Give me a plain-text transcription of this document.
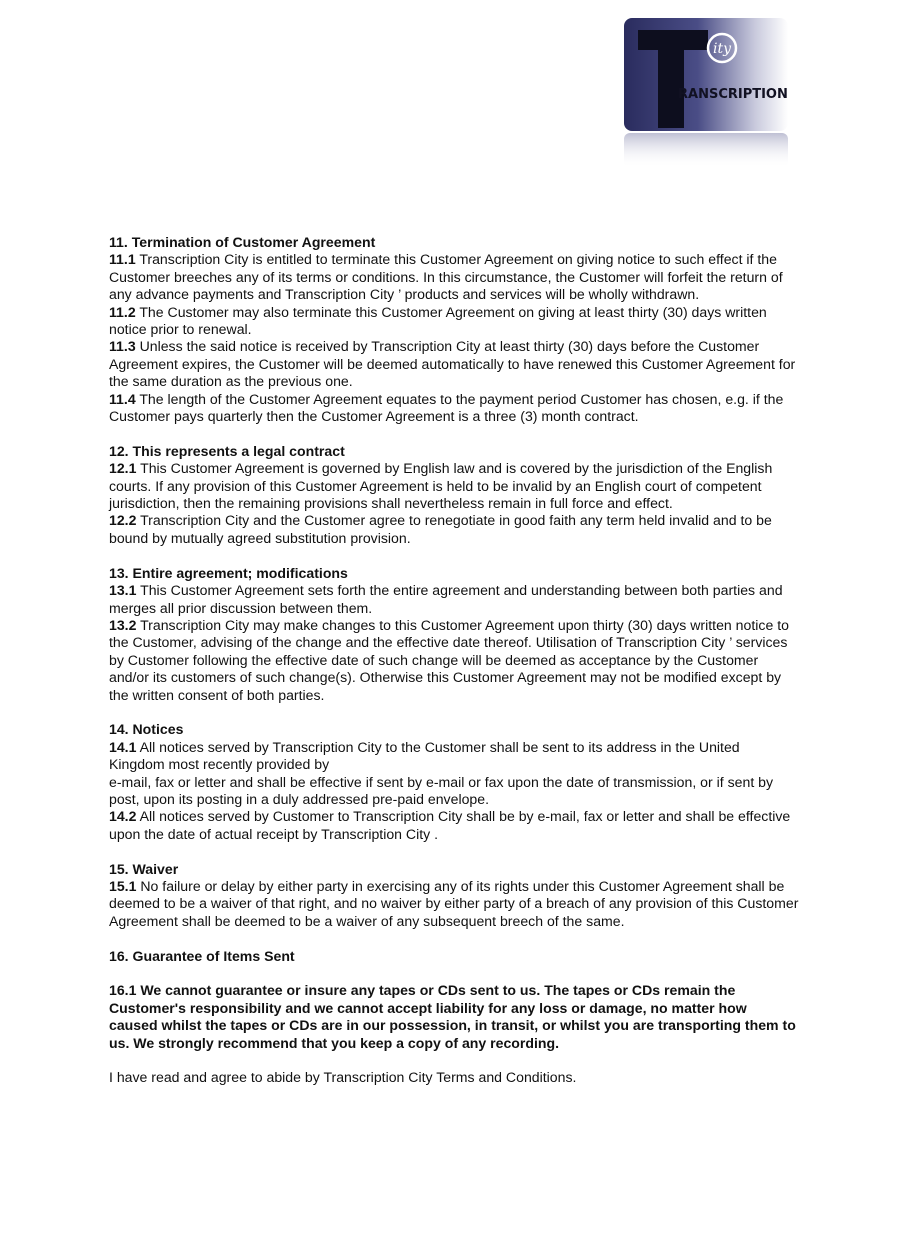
ity
RANSCRIPTION
11. Termination of Customer Agreement
11.1 Transcription City is entitled to terminate this Customer Agreement on giving notice to such effect if the Customer breeches any of its terms or conditions. In this circumstance, the Customer will forfeit the return of any advance payments and Transcription City ’ products and services will be wholly withdrawn.
11.2 The Customer may also terminate this Customer Agreement on giving at least thirty (30) days written notice prior to renewal.
11.3 Unless the said notice is received by Transcription City at least thirty (30) days before the Customer Agreement expires, the Customer will be deemed automatically to have renewed this Customer Agreement for the same duration as the previous one.
11.4 The length of the Customer Agreement equates to the payment period Customer has chosen, e.g. if the Customer pays quarterly then the Customer Agreement is a three (3) month contract.
12. This represents a legal contract
12.1 This Customer Agreement is governed by English law and is covered by the jurisdiction of the English courts. If any provision of this Customer Agreement is held to be invalid by an English court of competent jurisdiction, then the remaining provisions shall nevertheless remain in full force and effect.
12.2 Transcription City and the Customer agree to renegotiate in good faith any term held invalid and to be bound by mutually agreed substitution provision.
13. Entire agreement; modifications
13.1 This Customer Agreement sets forth the entire agreement and understanding between both parties and merges all prior discussion between them.
13.2 Transcription City may make changes to this Customer Agreement upon thirty (30) days written notice to the Customer, advising of the change and the effective date thereof. Utilisation of Transcription City ’ services by Customer following the effective date of such change will be deemed as acceptance by the Customer and/or its customers of such change(s). Otherwise this Customer Agreement may not be modified except by the written consent of both parties.
14. Notices
14.1 All notices served by Transcription City to the Customer shall be sent to its address in the United Kingdom most recently provided by
e-mail, fax or letter and shall be effective if sent by e-mail or fax upon the date of transmission, or if sent by post, upon its posting in a duly addressed pre-paid envelope.
14.2 All notices served by Customer to Transcription City shall be by e-mail, fax or letter and shall be effective upon the date of actual receipt by Transcription City .
15. Waiver
15.1 No failure or delay by either party in exercising any of its rights under this Customer Agreement shall be deemed to be a waiver of that right, and no waiver by either party of a breach of any provision of this Customer Agreement shall be deemed to be a waiver of any subsequent breech of the same.
16. Guarantee of Items Sent
16.1 We cannot guarantee or insure any tapes or CDs sent to us. The tapes or CDs remain the Customer's responsibility and we cannot accept liability for any loss or damage, no matter how caused whilst the tapes or CDs are in our possession, in transit, or whilst you are transporting them to us. We strongly recommend that you keep a copy of any recording.
I have read and agree to abide by Transcription City Terms and Conditions.
